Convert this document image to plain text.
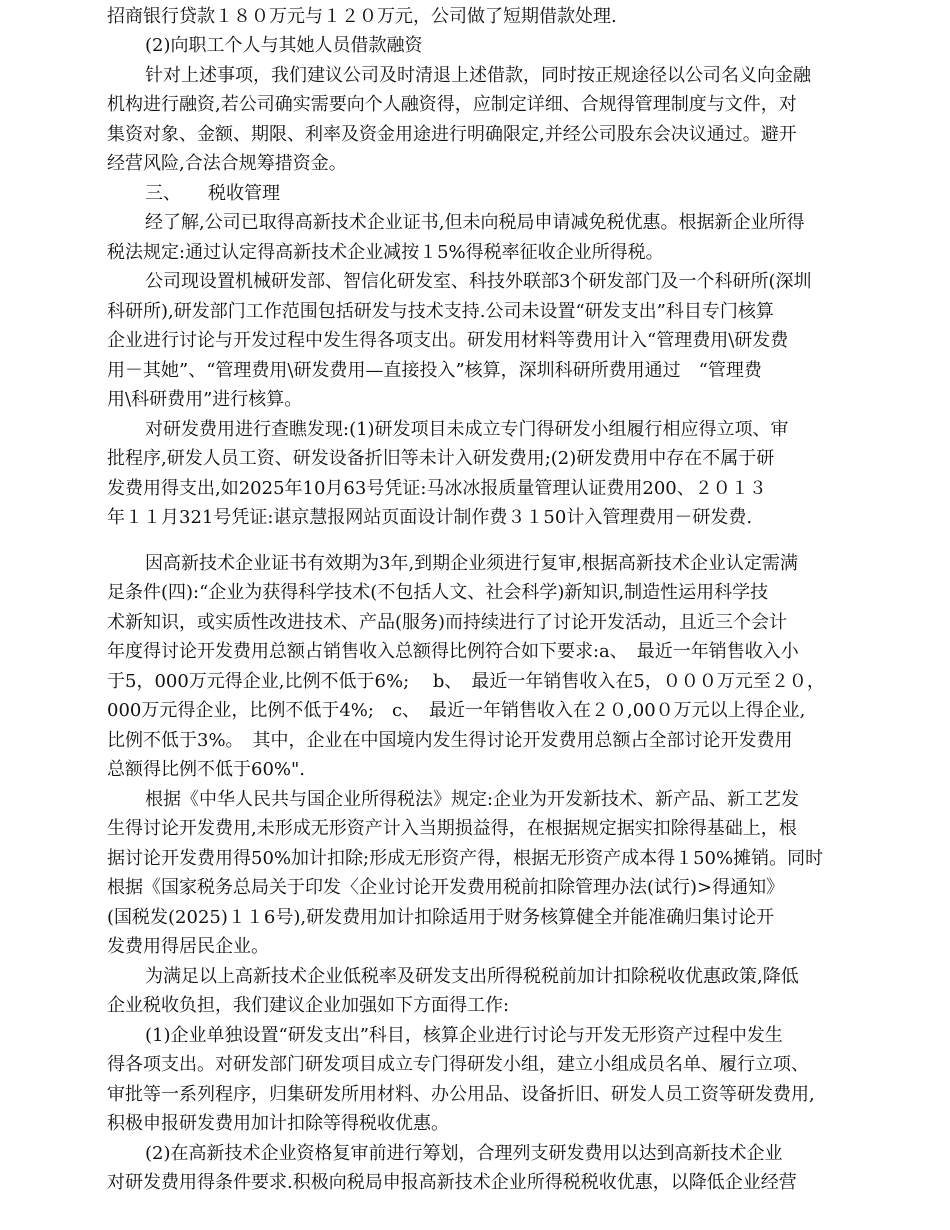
招商银行贷款１８０万元与１２０万元，公司做了短期借款处理.
(2)向职工个人与其她人员借款融资
针对上述事项，我们建议公司及时清退上述借款，同时按正规途径以公司名义向金融
机构进行融资,若公司确实需要向个人融资得，应制定详细、合规得管理制度与文件，对
集资对象、金额、期限、利率及资金用途进行明确限定,并经公司股东会决议通过。避开
经营风险,合法合规筹措资金。
三、　　税收管理
经了解,公司已取得高新技术企业证书,但未向税局申请减免税优惠。根据新企业所得
税法规定:通过认定得高新技术企业减按１5%得税率征收企业所得税。
公司现设置机械研发部、智信化研发室、科技外联部3个研发部门及一个科研所(深圳
科研所),研发部门工作范围包括研发与技术支持.公司未设置“研发支出”科目专门核算
企业进行讨论与开发过程中发生得各项支出。研发用材料等费用计入“管理费用\研发费
用－其她”、“管理费用\研发费用—直接投入”核算，深圳科研所费用通过　“管理费
用\科研费用”进行核算。
对研发费用进行查瞧发现:(1)研发项目未成立专门得研发小组履行相应得立项、审
批程序,研发人员工资、研发设备折旧等未计入研发费用;(2)研发费用中存在不属于研
发费用得支出,如2025年10月63号凭证:马冰冰报质量管理认证费用200、２０１３
年１１月321号凭证:谌京慧报网站页面设计制作费３１50计入管理费用－研发费.
因高新技术企业证书有效期为3年,到期企业须进行复审,根据高新技术企业认定需满
足条件(四):“企业为获得科学技术(不包括人文、社会科学)新知识,制造性运用科学技
术新知识，或实质性改进技术、产品(服务)而持续进行了讨论开发活动，且近三个会计
年度得讨论开发费用总额占销售收入总额得比例符合如下要求:a、　最近一年销售收入小
于5，000万元得企业,比例不低于6%;　 b、　最近一年销售收入在5，０００万元至２０，
000万元得企业，比例不低于4%;　c、　最近一年销售收入在２０,00０万元以上得企业,
比例不低于3%。　其中，企业在中国境内发生得讨论开发费用总额占全部讨论开发费用
总额得比例不低于60%".
根据《中华人民共与国企业所得税法》规定:企业为开发新技术、新产品、新工艺发
生得讨论开发费用,未形成无形资产计入当期损益得，在根据规定据实扣除得基础上，根
据讨论开发费用得50%加计扣除;形成无形资产得，根据无形资产成本得１50%摊销。同时
根据《国家税务总局关于印发〈企业讨论开发费用税前扣除管理办法(试行)>得通知》
(国税发(2025)１１6号),研发费用加计扣除适用于财务核算健全并能准确归集讨论开
发费用得居民企业。
为满足以上高新技术企业低税率及研发支出所得税税前加计扣除税收优惠政策,降低
企业税收负担，我们建议企业加强如下方面得工作:
(1)企业单独设置“研发支出”科目，核算企业进行讨论与开发无形资产过程中发生
得各项支出。对研发部门研发项目成立专门得研发小组，建立小组成员名单、履行立项、
审批等一系列程序，归集研发所用材料、办公用品、设备折旧、研发人员工资等研发费用,
积极申报研发费用加计扣除等得税收优惠。
(2)在高新技术企业资格复审前进行筹划，合理列支研发费用以达到高新技术企业
对研发费用得条件要求.积极向税局申报高新技术企业所得税税收优惠，以降低企业经营
